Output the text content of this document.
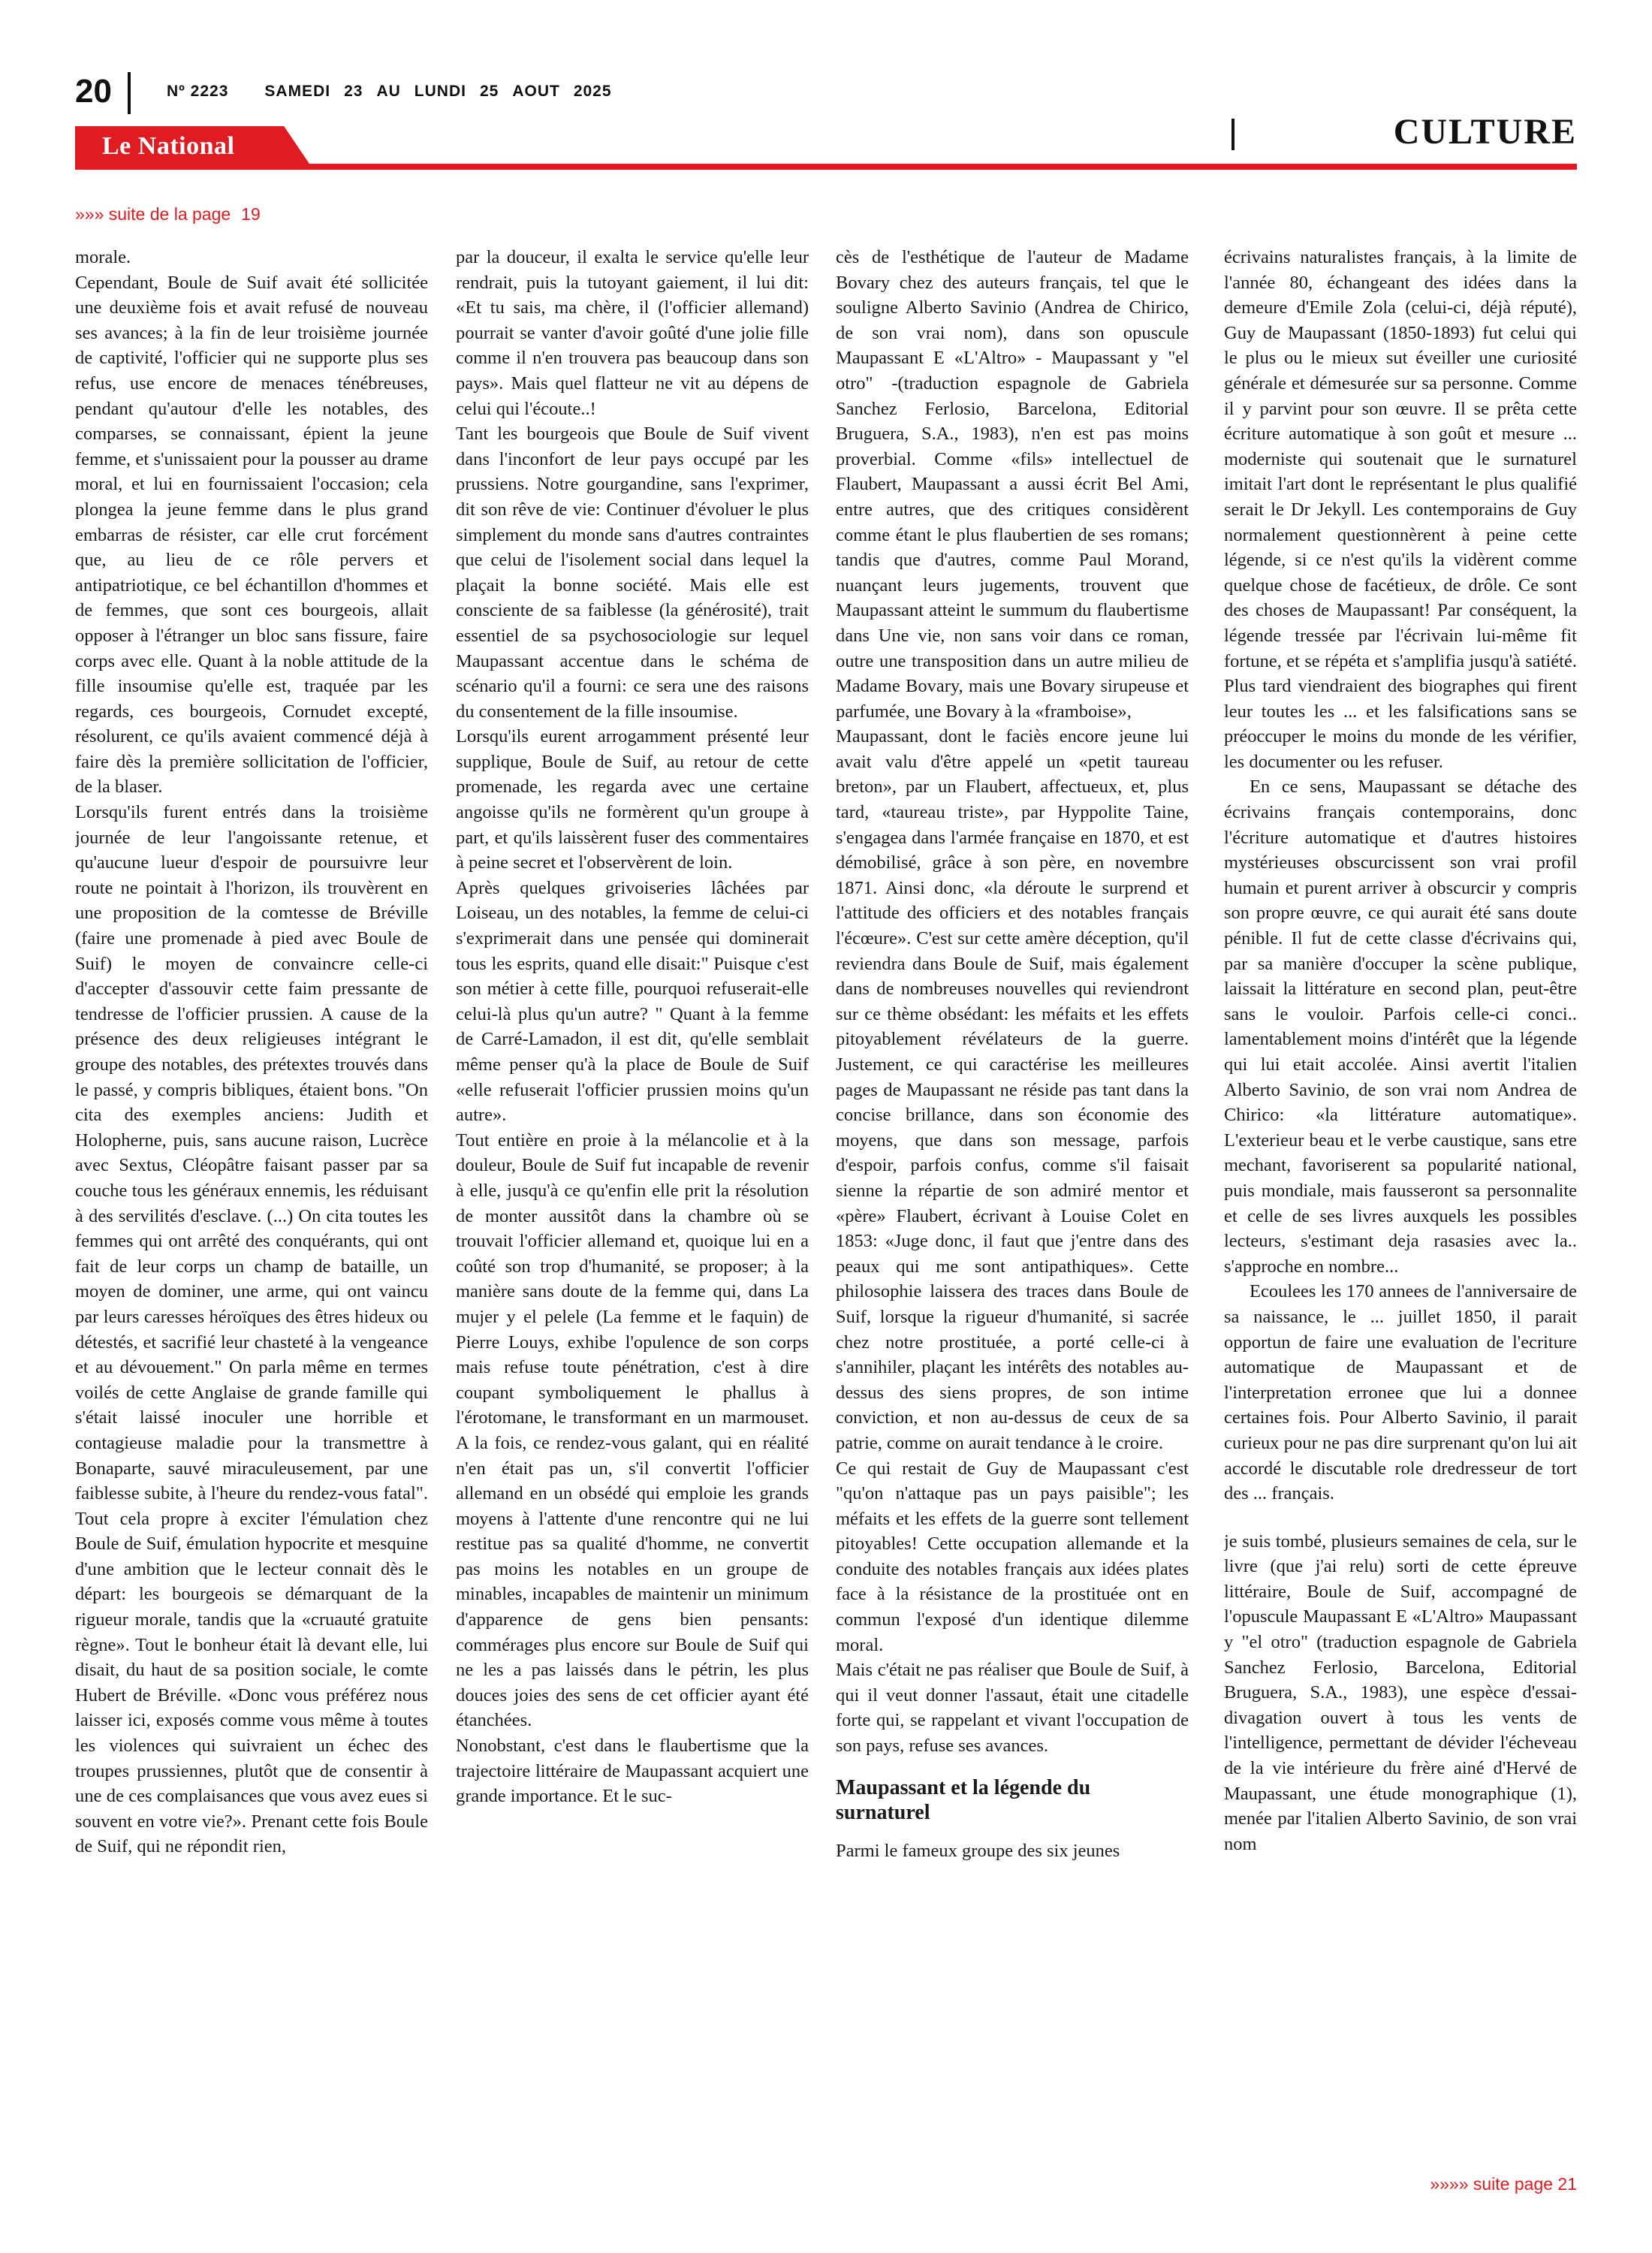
20	Nº 2223 SAMEDI 23 AU LUNDI 25 AOUT 2025
Le National	CULTURE
»»» suite de la page 19

morale.

Cependant, Boule de Suif avait été sollicitée une deuxième fois et avait refusé de nouveau ses avances; à la fin de leur troisième journée de captivité, l'officier qui ne supporte plus ses refus, use encore de menaces ténébreuses, pendant qu'autour d'elle les notables, des comparses, se connaissant, épient la jeune femme, et s'unissaient pour la pousser au drame moral, et lui en fournissaient l'occasion; cela plongea la jeune femme dans le plus grand embarras de résister, car elle crut forcément que, au lieu de ce rôle pervers et antipatriotique, ce bel échantillon d'hommes et de femmes, que sont ces bourgeois, allait opposer à l'étranger un bloc sans fissure, faire corps avec elle. Quant à la noble attitude de la fille insoumise qu'elle est, traquée par les regards, ces bourgeois, Cornudet excepté, résolurent, ce qu'ils avaient commencé déjà à faire dès la première sollicitation de l'officier, de la blaser.

Lorsqu'ils furent entrés dans la troisième journée de leur l'angoissante retenue, et qu'aucune lueur d'espoir de poursuivre leur route ne pointait à l'horizon, ils trouvèrent en une proposition de la comtesse de Bréville (faire une promenade à pied avec Boule de Suif) le moyen de convaincre celle-ci d'accepter d'assouvir cette faim pressante de tendresse de l'officier prussien. A cause de la présence des deux religieuses intégrant le groupe des notables, des prétextes trouvés dans le passé, y compris bibliques, étaient bons. "On cita des exemples anciens: Judith et Holopherne, puis, sans aucune raison, Lucrèce avec Sextus, Cléopâtre faisant passer par sa couche tous les généraux ennemis, les réduisant à des servilités d'esclave. (...) On cita toutes les femmes qui ont arrêté des conquérants, qui ont fait de leur corps un champ de bataille, un moyen de dominer, une arme, qui ont vaincu par leurs caresses héroïques des êtres hideux ou détestés, et sacrifié leur chasteté à la vengeance et au dévouement." On parla même en termes voilés de cette Anglaise de grande famille qui s'était laissé inoculer une horrible et contagieuse maladie pour la transmettre à Bonaparte, sauvé miraculeusement, par une faiblesse subite, à l'heure du rendez-vous fatal". Tout cela propre à exciter l'émulation chez Boule de Suif, émulation hypocrite et mesquine d'une ambition que le lecteur connait dès le départ: les bourgeois se démarquant de la rigueur morale, tandis que la «cruauté gratuite règne». Tout le bonheur était là devant elle, lui disait, du haut de sa position sociale, le comte Hubert de Bréville. «Donc vous préférez nous laisser ici, exposés comme vous même à toutes les violences qui suivraient un échec des troupes prussiennes, plutôt que de consentir à une de ces complaisances que vous avez eues si souvent en votre vie?». Prenant cette fois Boule de Suif, qui ne répondit rien,

par la douceur, il exalta le service qu'elle leur rendrait, puis la tutoyant gaiement, il lui dit: «Et tu sais, ma chère, il (l'officier allemand) pourrait se vanter d'avoir goûté d'une jolie fille comme il n'en trouvera pas beaucoup dans son pays». Mais quel flatteur ne vit au dépens de celui qui l'écoute..!

Tant les bourgeois que Boule de Suif vivent dans l'inconfort de leur pays occupé par les prussiens. Notre gourgandine, sans l'exprimer, dit son rêve de vie: Continuer d'évoluer le plus simplement du monde sans d'autres contraintes que celui de l'isolement social dans lequel la plaçait la bonne société. Mais elle est consciente de sa faiblesse (la générosité), trait essentiel de sa psychosociologie sur lequel Maupassant accentue dans le schéma de scénario qu'il a fourni: ce sera une des raisons du consentement de la fille insoumise.

Lorsqu'ils eurent arrogamment présenté leur supplique, Boule de Suif, au retour de cette promenade, les regarda avec une certaine angoisse qu'ils ne formèrent qu'un groupe à part, et qu'ils laissèrent fuser des commentaires à peine secret et l'observèrent de loin.

Après quelques grivoiseries lâchées par Loiseau, un des notables, la femme de celui-ci s'exprimerait dans une pensée qui dominerait tous les esprits, quand elle disait:" Puisque c'est son métier à cette fille, pourquoi refuserait-elle celui-là plus qu'un autre? " Quant à la femme de Carré-Lamadon, il est dit, qu'elle semblait même penser qu'à la place de Boule de Suif «elle refuserait l'officier prussien moins qu'un autre».

Tout entière en proie à la mélancolie et à la douleur, Boule de Suif fut incapable de revenir à elle, jusqu'à ce qu'enfin elle prit la résolution de monter aussitôt dans la chambre où se trouvait l'officier allemand et, quoique lui en a coûté son trop d'humanité, se proposer; à la manière sans doute de la femme qui, dans La mujer y el pelele (La femme et le faquin) de Pierre Louys, exhibe l'opulence de son corps mais refuse toute pénétration, c'est à dire coupant symboliquement le phallus à l'érotomane, le transformant en un marmouset. A la fois, ce rendez-vous galant, qui en réalité n'en était pas un, s'il convertit l'officier allemand en un obsédé qui emploie les grands moyens à l'attente d'une rencontre qui ne lui restitue pas sa qualité d'homme, ne convertit pas moins les notables en un groupe de minables, incapables de maintenir un minimum d'apparence de gens bien pensants: commérages plus encore sur Boule de Suif qui ne les a pas laissés dans le pétrin, les plus douces joies des sens de cet officier ayant été étanchées.

Nonobstant, c'est dans le flaubertisme que la trajectoire littéraire de Maupassant acquiert une grande importance. Et le suc-

cès de l'esthétique de l'auteur de Madame Bovary chez des auteurs français, tel que le souligne Alberto Savinio (Andrea de Chirico, de son vrai nom), dans son opuscule Maupassant E «L'Altro» - Maupassant y "el otro" -(traduction espagnole de Gabriela Sanchez Ferlosio, Barcelona, Editorial Bruguera, S.A., 1983), n'en est pas moins proverbial. Comme «fils» intellectuel de Flaubert, Maupassant a aussi écrit Bel Ami, entre autres, que des critiques considèrent comme étant le plus flaubertien de ses romans; tandis que d'autres, comme Paul Morand, nuançant leurs jugements, trouvent que Maupassant atteint le summum du flaubertisme dans Une vie, non sans voir dans ce roman, outre une transposition dans un autre milieu de Madame Bovary, mais une Bovary sirupeuse et parfumée, une Bovary à la «framboise»,

Maupassant, dont le faciès encore jeune lui avait valu d'être appelé un «petit taureau breton», par un Flaubert, affectueux, et, plus tard, «taureau triste», par Hyppolite Taine, s'engagea dans l'armée française en 1870, et est démobilisé, grâce à son père, en novembre 1871. Ainsi donc, «la déroute le surprend et l'attitude des officiers et des notables français l'écœure». C'est sur cette amère déception, qu'il reviendra dans Boule de Suif, mais également dans de nombreuses nouvelles qui reviendront sur ce thème obsédant: les méfaits et les effets pitoyablement révélateurs de la guerre. Justement, ce qui caractérise les meilleures pages de Maupassant ne réside pas tant dans la concise brillance, dans son économie des moyens, que dans son message, parfois d'espoir, parfois confus, comme s'il faisait sienne la répartie de son admiré mentor et «père» Flaubert, écrivant à Louise Colet en 1853: «Juge donc, il faut que j'entre dans des peaux qui me sont antipathiques». Cette philosophie laissera des traces dans Boule de Suif, lorsque la rigueur d'humanité, si sacrée chez notre prostituée, a porté celle-ci à s'annihiler, plaçant les intérêts des notables au-dessus des siens propres, de son intime conviction, et non au-dessus de ceux de sa patrie, comme on aurait tendance à le croire.

Ce qui restait de Guy de Maupassant c'est "qu'on n'attaque pas un pays paisible"; les méfaits et les effets de la guerre sont tellement pitoyables! Cette occupation allemande et la conduite des notables français aux idées plates face à la résistance de la prostituée ont en commun l'exposé d'un identique dilemme moral.

Mais c'était ne pas réaliser que Boule de Suif, à qui il veut donner l'assaut, était une citadelle forte qui, se rappelant et vivant l'occupation de son pays, refuse ses avances.

Maupassant et la légende du surnaturel

Parmi le fameux groupe des six jeunes

écrivains naturalistes français, à la limite de l'année 80, échangeant des idées dans la demeure d'Emile Zola (celui-ci, déjà réputé), Guy de Maupassant (1850-1893) fut celui qui le plus ou le mieux sut éveiller une curiosité générale et démesurée sur sa personne. Comme il y parvint pour son œuvre. Il se prêta cette écriture automatique à son goût et mesure ... moderniste qui soutenait que le surnaturel imitait l'art dont le représentant le plus qualifié serait le Dr Jekyll. Les contemporains de Guy normalement questionnèrent à peine cette légende, si ce n'est qu'ils la vidèrent comme quelque chose de facétieux, de drôle. Ce sont des choses de Maupassant! Par conséquent, la légende tressée par l'écrivain lui-même fit fortune, et se répéta et s'amplifia jusqu'à satiété. Plus tard viendraient des biographes qui firent leur toutes les ... et les falsifications sans se préoccuper le moins du monde de les vérifier, les documenter ou les refuser.

En ce sens, Maupassant se détache des écrivains français contemporains, donc l'écriture automatique et d'autres histoires mystérieuses obscurcissent son vrai profil humain et purent arriver à obscurcir y compris son propre œuvre, ce qui aurait été sans doute pénible. Il fut de cette classe d'écrivains qui, par sa manière d'occuper la scène publique, laissait la littérature en second plan, peut-être sans le vouloir. Parfois celle-ci conci.. lamentablement moins d'intérêt que la légende qui lui etait accolée. Ainsi avertit l'italien Alberto Savinio, de son vrai nom Andrea de Chirico: «la littérature automatique». L'exterieur beau et le verbe caustique, sans etre mechant, favoriserent sa popularité national, puis mondiale, mais fausseront sa personnalite et celle de ses livres auxquels les possibles lecteurs, s'estimant deja rasasies avec la.. s'approche en nombre...

Ecoulees les 170 annees de l'anniversaire de sa naissance, le ... juillet 1850, il parait opportun de faire une evaluation de l'ecriture automatique de Maupassant et de l'interpretation erronee que lui a donnee certaines fois. Pour Alberto Savinio, il parait curieux pour ne pas dire surprenant qu'on lui ait accordé le discutable role dredresseur de tort des ... français.

je suis tombé, plusieurs semaines de cela, sur le livre (que j'ai relu) sorti de cette épreuve littéraire, Boule de Suif, accompagné de l'opuscule Maupassant E «L'Altro» Maupassant y "el otro" (traduction espagnole de Gabriela Sanchez Ferlosio, Barcelona, Editorial Bruguera, S.A., 1983), une espèce d'essai-divagation ouvert à tous les vents de l'intelligence, permettant de dévider l'écheveau de la vie intérieure du frère ainé d'Hervé de Maupassant, une étude monographique (1), menée par l'italien Alberto Savinio, de son vrai nom

»»»» suite page 21
